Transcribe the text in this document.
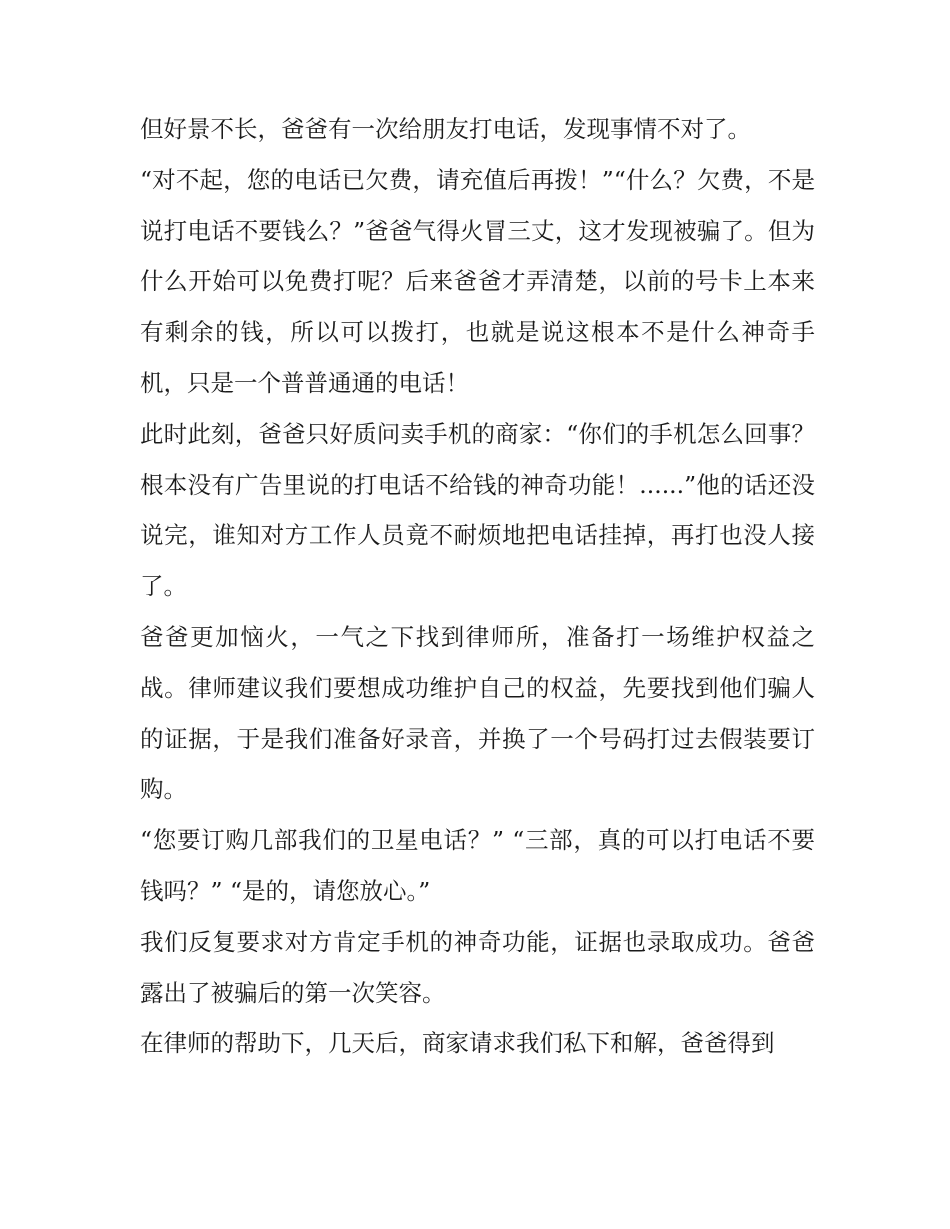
但好景不长，爸爸有一次给朋友打电话，发现事情不对了。

“对不起，您的电话已欠费，请充值后再拨！”“什么？欠费，不是说打电话不要钱么？”爸爸气得火冒三丈，这才发现被骗了。但为什么开始可以免费打呢？后来爸爸才弄清楚，以前的号卡上本来有剩余的钱，所以可以拨打，也就是说这根本不是什么神奇手机，只是一个普普通通的电话！

此时此刻，爸爸只好质问卖手机的商家：“你们的手机怎么回事？根本没有广告里说的打电话不给钱的神奇功能！......”他的话还没说完，谁知对方工作人员竟不耐烦地把电话挂掉，再打也没人接了。

爸爸更加恼火，一气之下找到律师所，准备打一场维护权益之战。律师建议我们要想成功维护自己的权益，先要找到他们骗人的证据，于是我们准备好录音，并换了一个号码打过去假装要订购。

“您要订购几部我们的卫星电话？” “三部，真的可以打电话不要钱吗？” “是的，请您放心。”

我们反复要求对方肯定手机的神奇功能，证据也录取成功。爸爸露出了被骗后的第一次笑容。

在律师的帮助下，几天后，商家请求我们私下和解，爸爸得到
